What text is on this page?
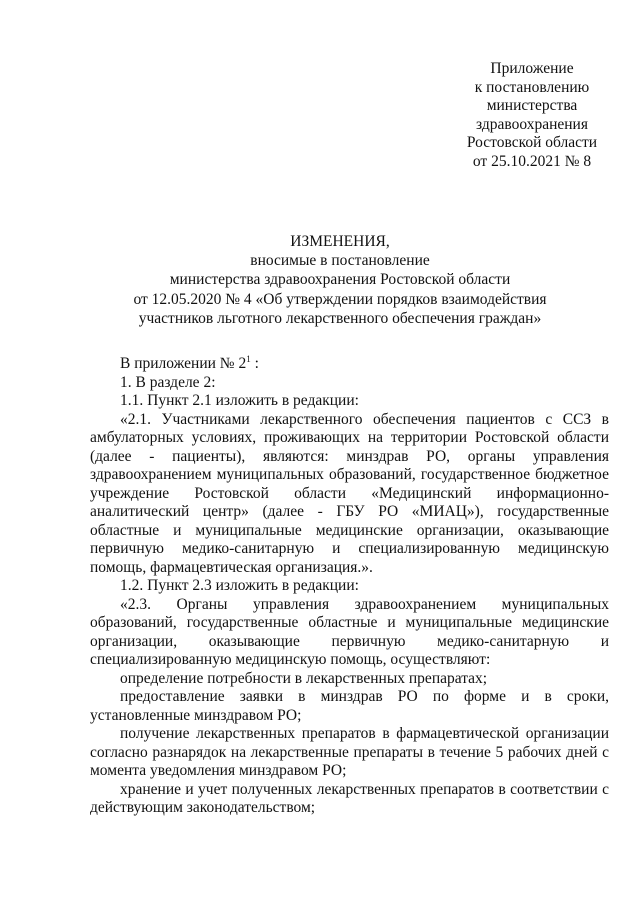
Приложение
к постановлению
министерства
здравоохранения
Ростовской области
от 25.10.2021 № 8
ИЗМЕНЕНИЯ,
вносимые в постановление
министерства здравоохранения Ростовской области
от 12.05.2020 № 4 «Об утверждении порядков взаимодействия
участников льготного лекарственного обеспечения граждан»

В приложении № $2^1$ :

1. В разделе 2:

1.1. Пункт 2.1 изложить в редакции:

«2.1. Участниками лекарственного обеспечения пациентов с ССЗ в амбулаторных условиях, проживающих на территории Ростовской области (далее - пациенты), являются: минздрав РО, органы управления здравоохранением муниципальных образований, государственное бюджетное учреждение Ростовской области «Медицинский информационно-аналитический центр» (далее - ГБУ РО «МИАЦ»), государственные областные и муниципальные медицинские организации, оказывающие первичную медико-санитарную и специализированную медицинскую помощь, фармацевтическая организация.».

1.2. Пункт 2.3 изложить в редакции:

«2.3. Органы управления здравоохранением муниципальных образований, государственные областные и муниципальные медицинские организации, оказывающие первичную медико-санитарную и специализированную медицинскую помощь, осуществляют:

определение потребности в лекарственных препаратах;

предоставление заявки в минздрав РО по форме и в сроки, установленные минздравом РО;

получение лекарственных препаратов в фармацевтической организации согласно разнарядок на лекарственные препараты в течение 5 рабочих дней с момента уведомления минздравом РО;

хранение и учет полученных лекарственных препаратов в соответствии с действующим законодательством;
